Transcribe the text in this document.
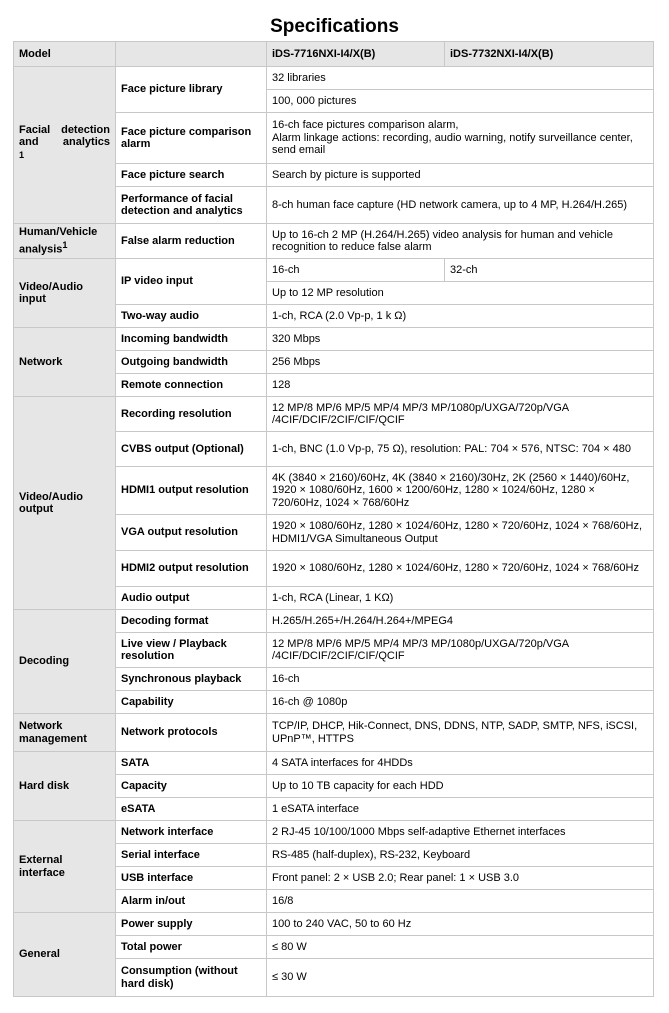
Specifications
Model		iDS-7716NXI-I4/X(B)	iDS-7732NXI-I4/X(B)

Facial detection and analytics
$^1$	Face picture library	32 libraries	
		100, 000 pictures	
	Face picture comparison alarm	16-ch face pictures comparison alarm,
Alarm linkage actions: recording, audio warning, notify surveillance center, send email	

	Face picture search	Search by picture is supported	
	Performance of facial detection and analytics	8-ch human face capture (HD network camera, up to 4 MP, H.264/H.265)	
Human/Vehicle analysis$^1$	False alarm reduction	Up to 16-ch 2 MP (H.264/H.265) video analysis for human and vehicle recognition to reduce false alarm	
Video/Audio input	IP video input	16-ch	32-ch
		Up to 12 MP resolution	
	Two-way audio	1-ch, RCA (2.0 Vp-p, 1 k Ω)	
Network	Incoming bandwidth	320 Mbps	
	Outgoing bandwidth	256 Mbps	
	Remote connection	128	
Video/Audio output	Recording resolution	12 MP/8 MP/6 MP/5 MP/4 MP/3 MP/1080p/UXGA/720p/VGA /4CIF/DCIF/2CIF/CIF/QCIF	
	CVBS output (Optional)	1-ch, BNC (1.0 Vp-p, 75 Ω), resolution: PAL: 704 × 576, NTSC: 704 × 480	
	HDMI1 output resolution	4K (3840 × 2160)/60Hz, 4K (3840 × 2160)/30Hz, 2K (2560 × 1440)/60Hz, 1920 × 1080/60Hz, 1600 × 1200/60Hz, 1280 × 1024/60Hz, 1280 × 720/60Hz, 1024 × 768/60Hz	
	VGA output resolution	1920 × 1080/60Hz, 1280 × 1024/60Hz, 1280 × 720/60Hz, 1024 × 768/60Hz, HDMI1/VGA Simultaneous Output	
	HDMI2 output resolution	1920 × 1080/60Hz, 1280 × 1024/60Hz, 1280 × 720/60Hz, 1024 × 768/60Hz	
	Audio output	1-ch, RCA (Linear, 1 KΩ)	
Decoding	Decoding format	H.265/H.265+/H.264/H.264+/MPEG4	
	Live view / Playback resolution	12 MP/8 MP/6 MP/5 MP/4 MP/3 MP/1080p/UXGA/720p/VGA /4CIF/DCIF/2CIF/CIF/QCIF	
	Synchronous playback	16-ch	
	Capability	16-ch @ 1080p	
Network management	Network protocols	TCP/IP, DHCP, Hik-Connect, DNS, DDNS, NTP, SADP, SMTP, NFS, iSCSI, UPnP™, HTTPS	
Hard disk	SATA	4 SATA interfaces for 4HDDs	
	Capacity	Up to 10 TB capacity for each HDD	
	eSATA	1 eSATA interface	
External interface	Network interface	2 RJ-45 10/100/1000 Mbps self-adaptive Ethernet interfaces	
	Serial interface	RS-485 (half-duplex), RS-232, Keyboard	
	USB interface	Front panel: 2 × USB 2.0; Rear panel: 1 × USB 3.0	
	Alarm in/out	16/8	
General	Power supply	100 to 240 VAC, 50 to 60 Hz	
	Total power	≤ 80 W	
	Consumption (without hard disk)	≤ 30 W	
